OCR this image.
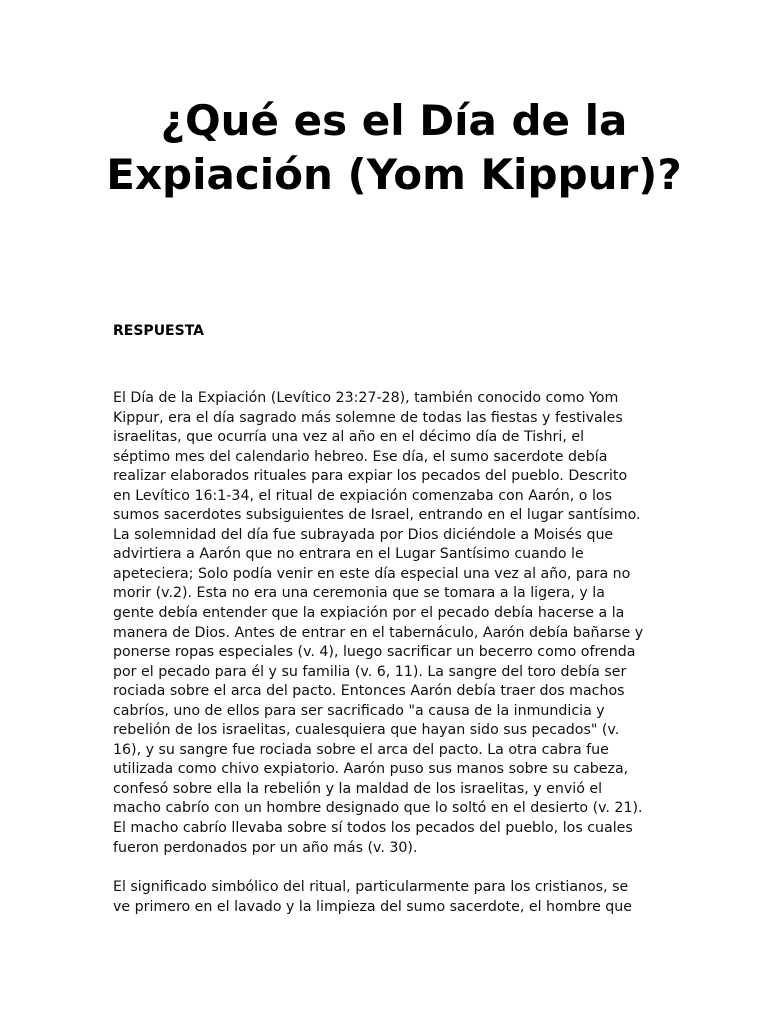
¿Qué es el Día de la Expiación (Yom Kippur)?
RESPUESTA

El Día de la Expiación (Levítico 23:27-28), también conocido como Yom
Kippur, era el día sagrado más solemne de todas las fiestas y festivales
israelitas, que ocurría una vez al año en el décimo día de Tishri, el
séptimo mes del calendario hebreo. Ese día, el sumo sacerdote debía
realizar elaborados rituales para expiar los pecados del pueblo. Descrito
en Levítico 16:1-34, el ritual de expiación comenzaba con Aarón, o los
sumos sacerdotes subsiguientes de Israel, entrando en el lugar santísimo.
La solemnidad del día fue subrayada por Dios diciéndole a Moisés que
advirtiera a Aarón que no entrara en el Lugar Santísimo cuando le
apeteciera; Solo podía venir en este día especial una vez al año, para no
morir (v.2). Esta no era una ceremonia que se tomara a la ligera, y la
gente debía entender que la expiación por el pecado debía hacerse a la
manera de Dios. Antes de entrar en el tabernáculo, Aarón debía bañarse y
ponerse ropas especiales (v. 4), luego sacrificar un becerro como ofrenda
por el pecado para él y su familia (v. 6, 11). La sangre del toro debía ser
rociada sobre el arca del pacto. Entonces Aarón debía traer dos machos
cabríos, uno de ellos para ser sacrificado "a causa de la inmundicia y
rebelión de los israelitas, cualesquiera que hayan sido sus pecados" (v.
16), y su sangre fue rociada sobre el arca del pacto. La otra cabra fue
utilizada como chivo expiatorio. Aarón puso sus manos sobre su cabeza,
confesó sobre ella la rebelión y la maldad de los israelitas, y envió el
macho cabrío con un hombre designado que lo soltó en el desierto (v. 21).
El macho cabrío llevaba sobre sí todos los pecados del pueblo, los cuales
fueron perdonados por un año más (v. 30).

El significado simbólico del ritual, particularmente para los cristianos, se
ve primero en el lavado y la limpieza del sumo sacerdote, el hombre que
